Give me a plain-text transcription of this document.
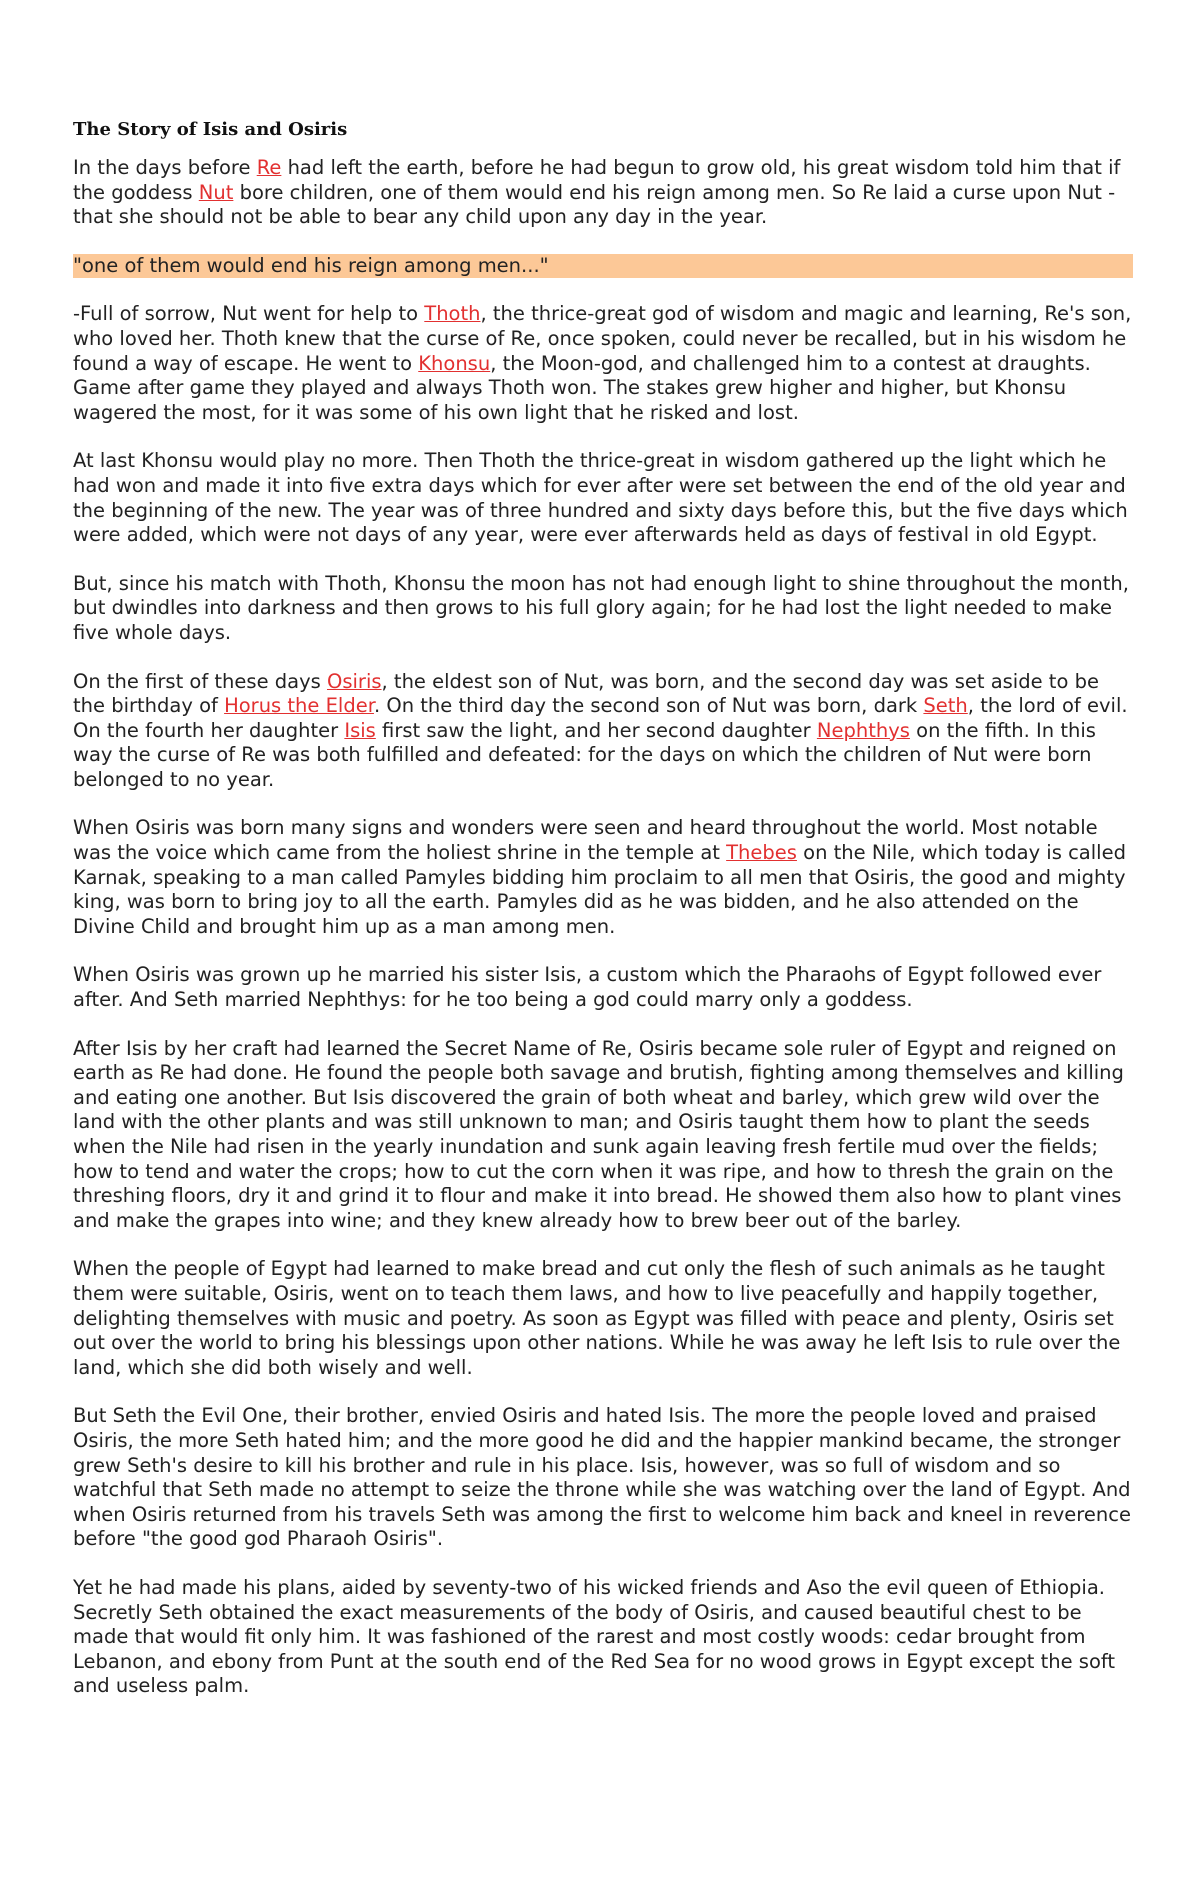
The Story of Isis and Osiris

In the days before Re had left the earth, before he had begun to grow old, his great wisdom told him that if the goddess Nut bore children, one of them would end his reign among men. So Re laid a curse upon Nut - that she should not be able to bear any child upon any day in the year.

"one of them would end his reign among men..."

-Full of sorrow, Nut went for help to Thoth, the thrice-great god of wisdom and magic and learning, Re's son, who loved her. Thoth knew that the curse of Re, once spoken, could never be recalled, but in his wisdom he found a way of escape. He went to Khonsu, the Moon-god, and challenged him to a contest at draughts. Game after game they played and always Thoth won. The stakes grew higher and higher, but Khonsu wagered the most, for it was some of his own light that he risked and lost.

At last Khonsu would play no more. Then Thoth the thrice-great in wisdom gathered up the light which he had won and made it into five extra days which for ever after were set between the end of the old year and the beginning of the new. The year was of three hundred and sixty days before this, but the five days which were added, which were not days of any year, were ever afterwards held as days of festival in old Egypt.

But, since his match with Thoth, Khonsu the moon has not had enough light to shine throughout the month, but dwindles into darkness and then grows to his full glory again; for he had lost the light needed to make five whole days.

On the first of these days Osiris, the eldest son of Nut, was born, and the second day was set aside to be the birthday of Horus the Elder. On the third day the second son of Nut was born, dark Seth, the lord of evil. On the fourth her daughter Isis first saw the light, and her second daughter Nephthys on the fifth. In this way the curse of Re was both fulfilled and defeated: for the days on which the children of Nut were born belonged to no year.

When Osiris was born many signs and wonders were seen and heard throughout the world. Most notable was the voice which came from the holiest shrine in the temple at Thebes on the Nile, which today is called Karnak, speaking to a man called Pamyles bidding him proclaim to all men that Osiris, the good and mighty king, was born to bring joy to all the earth. Pamyles did as he was bidden, and he also attended on the Divine Child and brought him up as a man among men.

When Osiris was grown up he married his sister Isis, a custom which the Pharaohs of Egypt followed ever after. And Seth married Nephthys: for he too being a god could marry only a goddess.

After Isis by her craft had learned the Secret Name of Re, Osiris became sole ruler of Egypt and reigned on earth as Re had done. He found the people both savage and brutish, fighting among themselves and killing and eating one another. But Isis discovered the grain of both wheat and barley, which grew wild over the land with the other plants and was still unknown to man; and Osiris taught them how to plant the seeds when the Nile had risen in the yearly inundation and sunk again leaving fresh fertile mud over the fields; how to tend and water the crops; how to cut the corn when it was ripe, and how to thresh the grain on the threshing floors, dry it and grind it to flour and make it into bread. He showed them also how to plant vines and make the grapes into wine; and they knew already how to brew beer out of the barley.

When the people of Egypt had learned to make bread and cut only the flesh of such animals as he taught them were suitable, Osiris, went on to teach them laws, and how to live peacefully and happily together, delighting themselves with music and poetry. As soon as Egypt was filled with peace and plenty, Osiris set out over the world to bring his blessings upon other nations. While he was away he left Isis to rule over the land, which she did both wisely and well.

But Seth the Evil One, their brother, envied Osiris and hated Isis. The more the people loved and praised Osiris, the more Seth hated him; and the more good he did and the happier mankind became, the stronger grew Seth's desire to kill his brother and rule in his place. Isis, however, was so full of wisdom and so watchful that Seth made no attempt to seize the throne while she was watching over the land of Egypt. And when Osiris returned from his travels Seth was among the first to welcome him back and kneel in reverence before "the good god Pharaoh Osiris".

Yet he had made his plans, aided by seventy-two of his wicked friends and Aso the evil queen of Ethiopia. Secretly Seth obtained the exact measurements of the body of Osiris, and caused beautiful chest to be made that would fit only him. It was fashioned of the rarest and most costly woods: cedar brought from Lebanon, and ebony from Punt at the south end of the Red Sea for no wood grows in Egypt except the soft and useless palm.
